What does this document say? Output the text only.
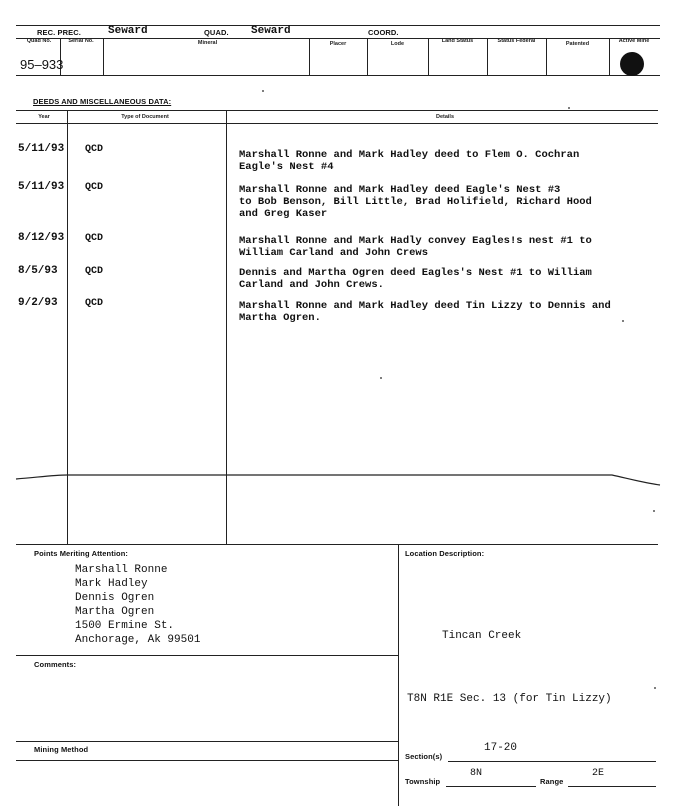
REC. PREC. Seward	QUAD. Seward	COORD.
Quad No.	Serial No.	Mineral	Placer	Lode	Land Status	Status Federal	Patented	Active Mine
95–933
DEEDS AND MISCELLANEOUS DATA:
Year	Type of Document	Details
5/11/93 QCD	Marshall Ronne and Mark Hadley deed to Flem O. Cochran
Eagle's Nest #4
5/11/93 QCD	Marshall Ronne and Mark Hadley deed Eagle's Nest #3
to Bob Benson, Bill Little, Brad Holifield, Richard Hood
and Greg Kaser
8/12/93 QCD	Marshall Ronne and Mark Hadly convey Eagles!s nest #1 to
William Carland and John Crews
8/5/93	QCD	Dennis and Martha Ogren deed Eagles's Nest #1 to William
Carland and John Crews.
9/2/93	QCD	Marshall Ronne and Mark Hadley deed Tin Lizzy to Dennis and
Martha Ogren.
Points Meriting Attention:
Marshall Ronne
Mark Hadley
Dennis Ogren
Martha Ogren
1500 Ermine St.
Anchorage, Ak 99501
Location Description:
Tincan Creek
T8N R1E Sec. 13 (for Tin Lizzy)
Comments:
Mining Method
Section(s)
17-20
Township
8N
Range
2E
